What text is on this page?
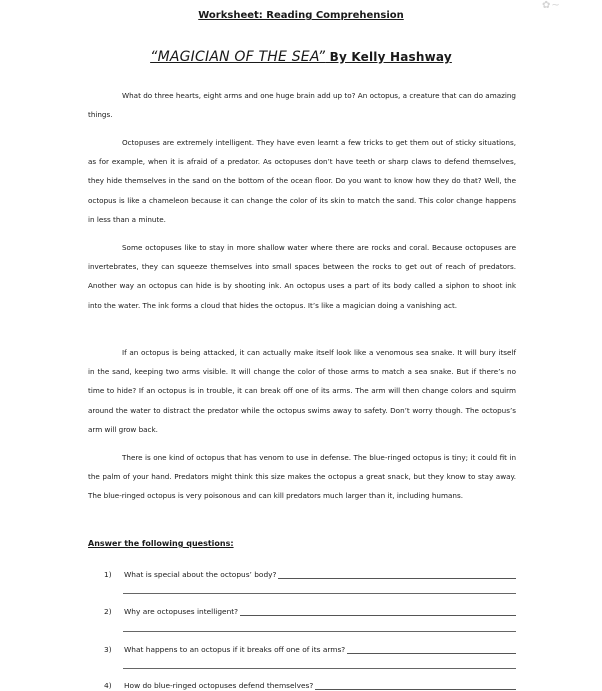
✿~
Worksheet: Reading Comprehension
“MAGICIAN OF THE SEA” By Kelly Hashway

What do three hearts, eight arms and one huge brain add up to? An octopus, a creature that can do amazing things.

Octopuses are extremely intelligent. They have even learnt a few tricks to get them out of sticky situations, as for example, when it is afraid of a predator. As octopuses don’t have teeth or sharp claws to defend themselves, they hide themselves in the sand on the bottom of the ocean floor. Do you want to know how they do that? Well, the octopus is like a chameleon because it can change the color of its skin to match the sand. This color change happens in less than a minute.

Some octopuses like to stay in more shallow water where there are rocks and coral. Because octopuses are invertebrates, they can squeeze themselves into small spaces between the rocks to get out of reach of predators. Another way an octopus can hide is by shooting ink. An octopus uses a part of its body called a siphon to shoot ink into the water. The ink forms a cloud that hides the octopus. It’s like a magician doing a vanishing act.

If an octopus is being attacked, it can actually make itself look like a venomous sea snake. It will bury itself in the sand, keeping two arms visible. It will change the color of those arms to match a sea snake. But if there’s no time to hide? If an octopus is in trouble, it can break off one of its arms. The arm will then change colors and squirm around the water to distract the predator while the octopus swims away to safety. Don’t worry though. The octopus’s arm will grow back.

There is one kind of octopus that has venom to use in defense. The blue-ringed octopus is tiny; it could fit in the palm of your hand. Predators might think this size makes the octopus a great snack, but they know to stay away. The blue-ringed octopus is very poisonous and can kill predators much larger than it, including humans.

Answer the following questions:
1)	What is special about the octopus’ body?
2)	Why are octopuses intelligent?
3)	What happens to an octopus if it breaks off one of its arms?
4)	How do blue-ringed octopuses defend themselves?
